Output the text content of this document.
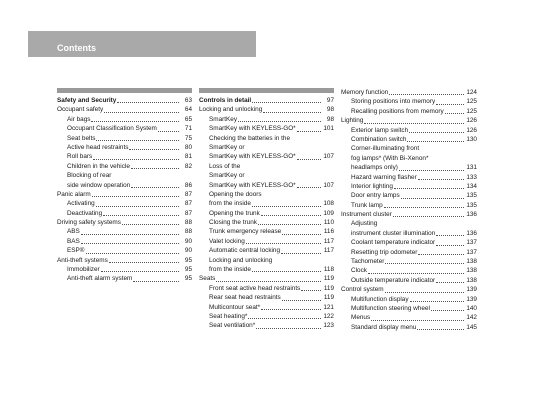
Contents
Safety and Security	63
Occupant safety	64
Air bags	65
Occupant Classification System	71
Seat belts	75
Active head restraints	80
Roll bars	81
Children in the vehicle	82
Blocking of rear
side window operation	86
Panic alarm	87
Activating	87
Deactivating	87
Driving safety systems	88
ABS	88
BAS	90
ESP®	90
Anti-theft systems	95
Immobilizer	95
Anti-theft alarm system	95
Controls in detail	97
Locking and unlocking	98
SmartKey	98
SmartKey with KEYLESS-GO*	101
Checking the batteries in the
SmartKey or
SmartKey with KEYLESS-GO*	107
Loss of the
SmartKey or
SmartKey with KEYLESS-GO*	107
Opening the doors
from the inside	108
Opening the trunk	109
Closing the trunk	110
Trunk emergency release	116
Valet locking	117
Automatic central locking	117
Locking and unlocking
from the inside	118
Seats	119
Front seat active head restraints	119
Rear seat head restraints	119
Multicontour seat*	121
Seat heating*	122
Seat ventilation*	123
Memory function	124
Storing positions into memory	125
Recalling positions from memory	125
Lighting	126
Exterior lamp switch	126
Combination switch	130
Corner-illuminating front
fog lamps* (With Bi-Xenon*
headlamps only)	131
Hazard warning flasher	133
Interior lighting	134
Door entry lamps	135
Trunk lamp	135
Instrument cluster	136
Adjusting
instrument cluster illumination	136
Coolant temperature indicator	137
Resetting trip odometer	137
Tachometer	138
Clock	138
Outside temperature indicator	138
Control system	139
Multifunction display	139
Multifunction steering wheel	140
Menus	142
Standard display menu	145
